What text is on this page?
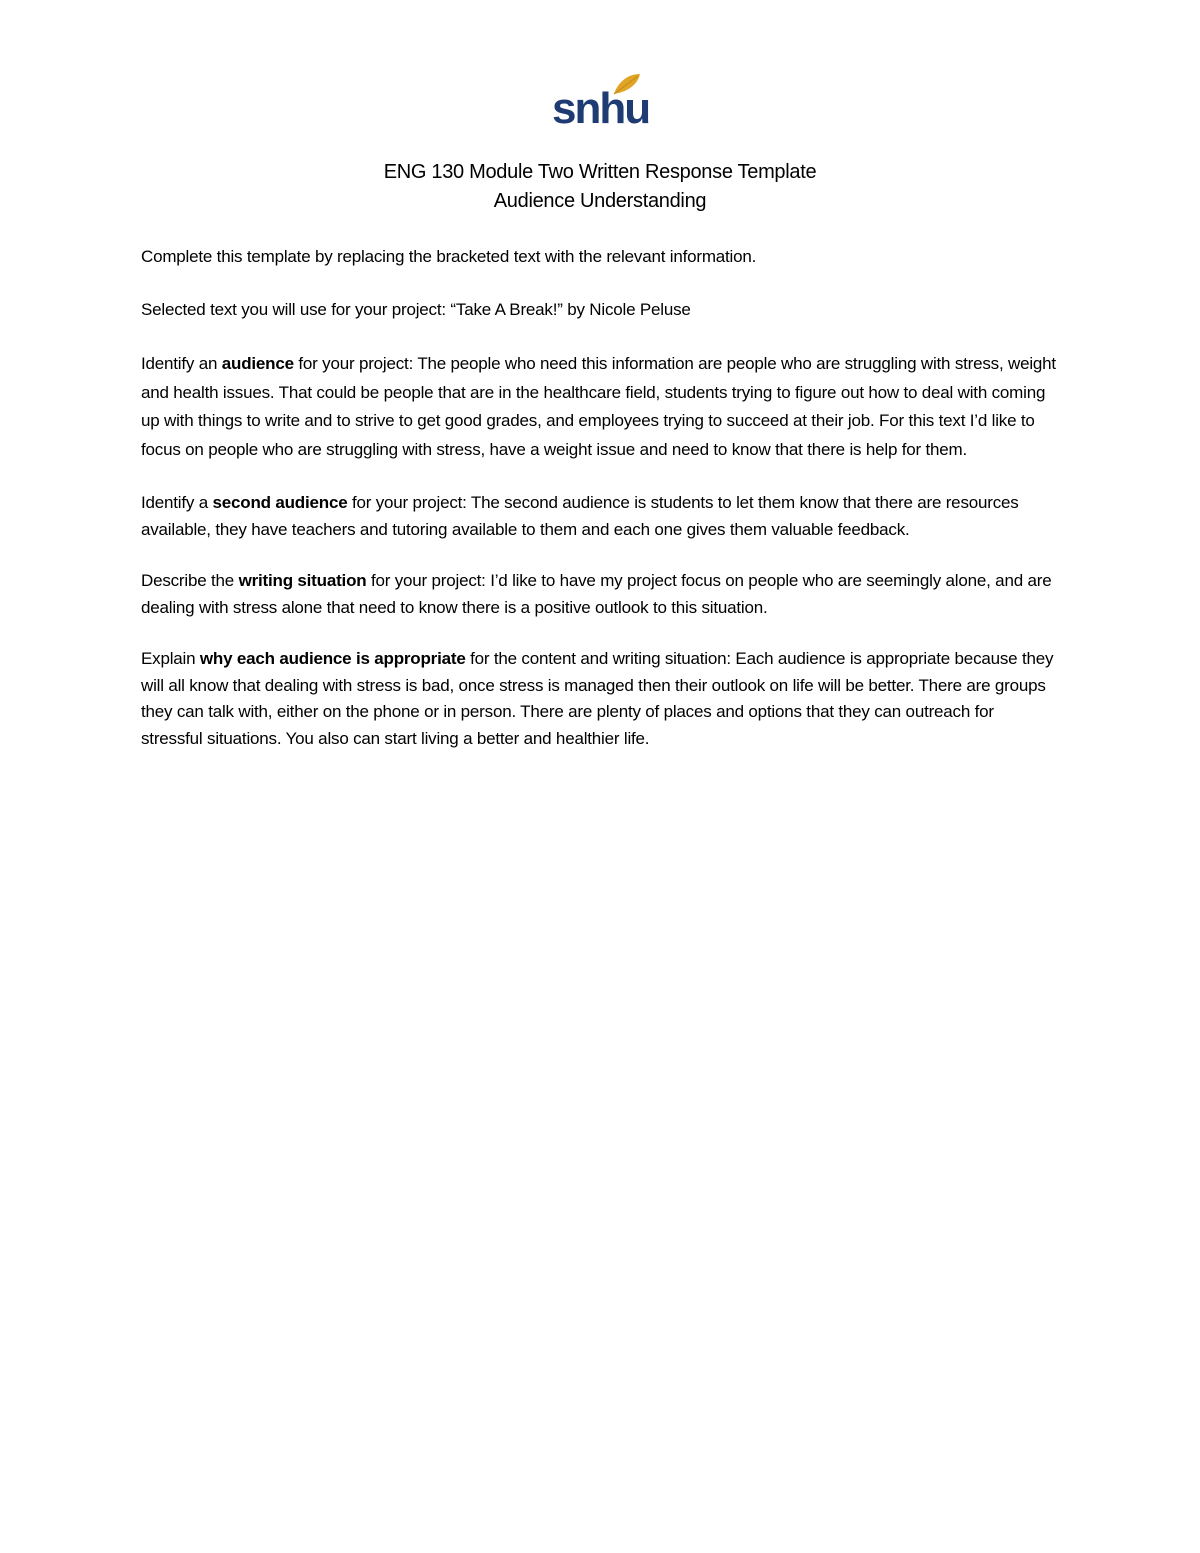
snhu
ENG 130 Module Two Written Response Template
Audience Understanding

Complete this template by replacing the bracketed text with the relevant information.

Selected text you will use for your project: “Take A Break!” by Nicole Peluse

Identify an audience for your project: The people who need this information are people who are struggling with stress, weight and health issues. That could be people that are in the healthcare field, students trying to figure out how to deal with coming up with things to write and to strive to get good grades, and employees trying to succeed at their job. For this text I’d like to focus on people who are struggling with stress, have a weight issue and need to know that there is help for them.

Identify a second audience for your project: The second audience is students to let them know that there are resources available, they have teachers and tutoring available to them and each one gives them valuable feedback.

Describe the writing situation for your project: I’d like to have my project focus on people who are seemingly alone, and are dealing with stress alone that need to know there is a positive outlook to this situation.

Explain why each audience is appropriate for the content and writing situation: Each audience is appropriate because they will all know that dealing with stress is bad, once stress is managed then their outlook on life will be better. There are groups they can talk with, either on the phone or in person. There are plenty of places and options that they can outreach for stressful situations. You also can start living a better and healthier life.
